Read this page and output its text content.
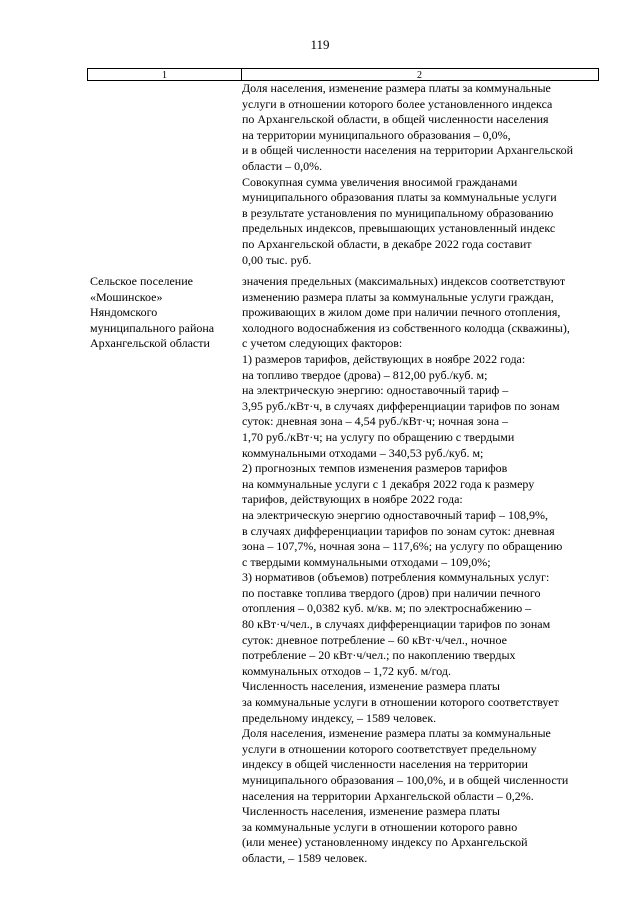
119
1	2
Доля населения, изменение размера платы за коммунальные
услуги в отношении которого более установленного индекса
по Архангельской области, в общей численности населения
на территории муниципального образования – 0,0%,
и в общей численности населения на территории Архангельской
области – 0,0%.
Совокупная сумма увеличения вносимой гражданами
муниципального образования платы за коммунальные услуги
в результате установления по муниципальному образованию
предельных индексов, превышающих установленный индекс
по Архангельской области, в декабре 2022 года составит
0,00 тыс. руб.
Сельское поселение
«Мошинское»
Няндомского
муниципального района
Архангельской области
значения предельных (максимальных) индексов соответствуют
изменению размера платы за коммунальные услуги граждан,
проживающих в жилом доме при наличии печного отопления,
холодного водоснабжения из собственного колодца (скважины),
с учетом следующих факторов:
1) размеров тарифов, действующих в ноябре 2022 года:
на топливо твердое (дрова) – 812,00 руб./куб. м;
на электрическую энергию: одноставочный тариф –
3,95 руб./кВт·ч, в случаях дифференциации тарифов по зонам
суток: дневная зона – 4,54 руб./кВт·ч; ночная зона –
1,70 руб./кВт·ч; на услугу по обращению с твердыми
коммунальными отходами – 340,53 руб./куб. м;
2) прогнозных темпов изменения размеров тарифов
на коммунальные услуги с 1 декабря 2022 года к размеру
тарифов, действующих в ноябре 2022 года:
на электрическую энергию одноставочный тариф – 108,9%,
в случаях дифференциации тарифов по зонам суток: дневная
зона – 107,7%, ночная зона – 117,6%; на услугу по обращению
с твердыми коммунальными отходами – 109,0%;
3) нормативов (объемов) потребления коммунальных услуг:
по поставке топлива твердого (дров) при наличии печного
отопления – 0,0382 куб. м/кв. м; по электроснабжению –
80 кВт·ч/чел., в случаях дифференциации тарифов по зонам
суток: дневное потребление – 60 кВт·ч/чел., ночное
потребление – 20 кВт·ч/чел.; по накоплению твердых
коммунальных отходов – 1,72 куб. м/год.
Численность населения, изменение размера платы
за коммунальные услуги в отношении которого соответствует
предельному индексу, – 1589 человек.
Доля населения, изменение размера платы за коммунальные
услуги в отношении которого соответствует предельному
индексу в общей численности населения на территории
муниципального образования – 100,0%, и в общей численности
населения на территории Архангельской области – 0,2%.
Численность населения, изменение размера платы
за коммунальные услуги в отношении которого равно
(или менее) установленному индексу по Архангельской
области, – 1589 человек.
